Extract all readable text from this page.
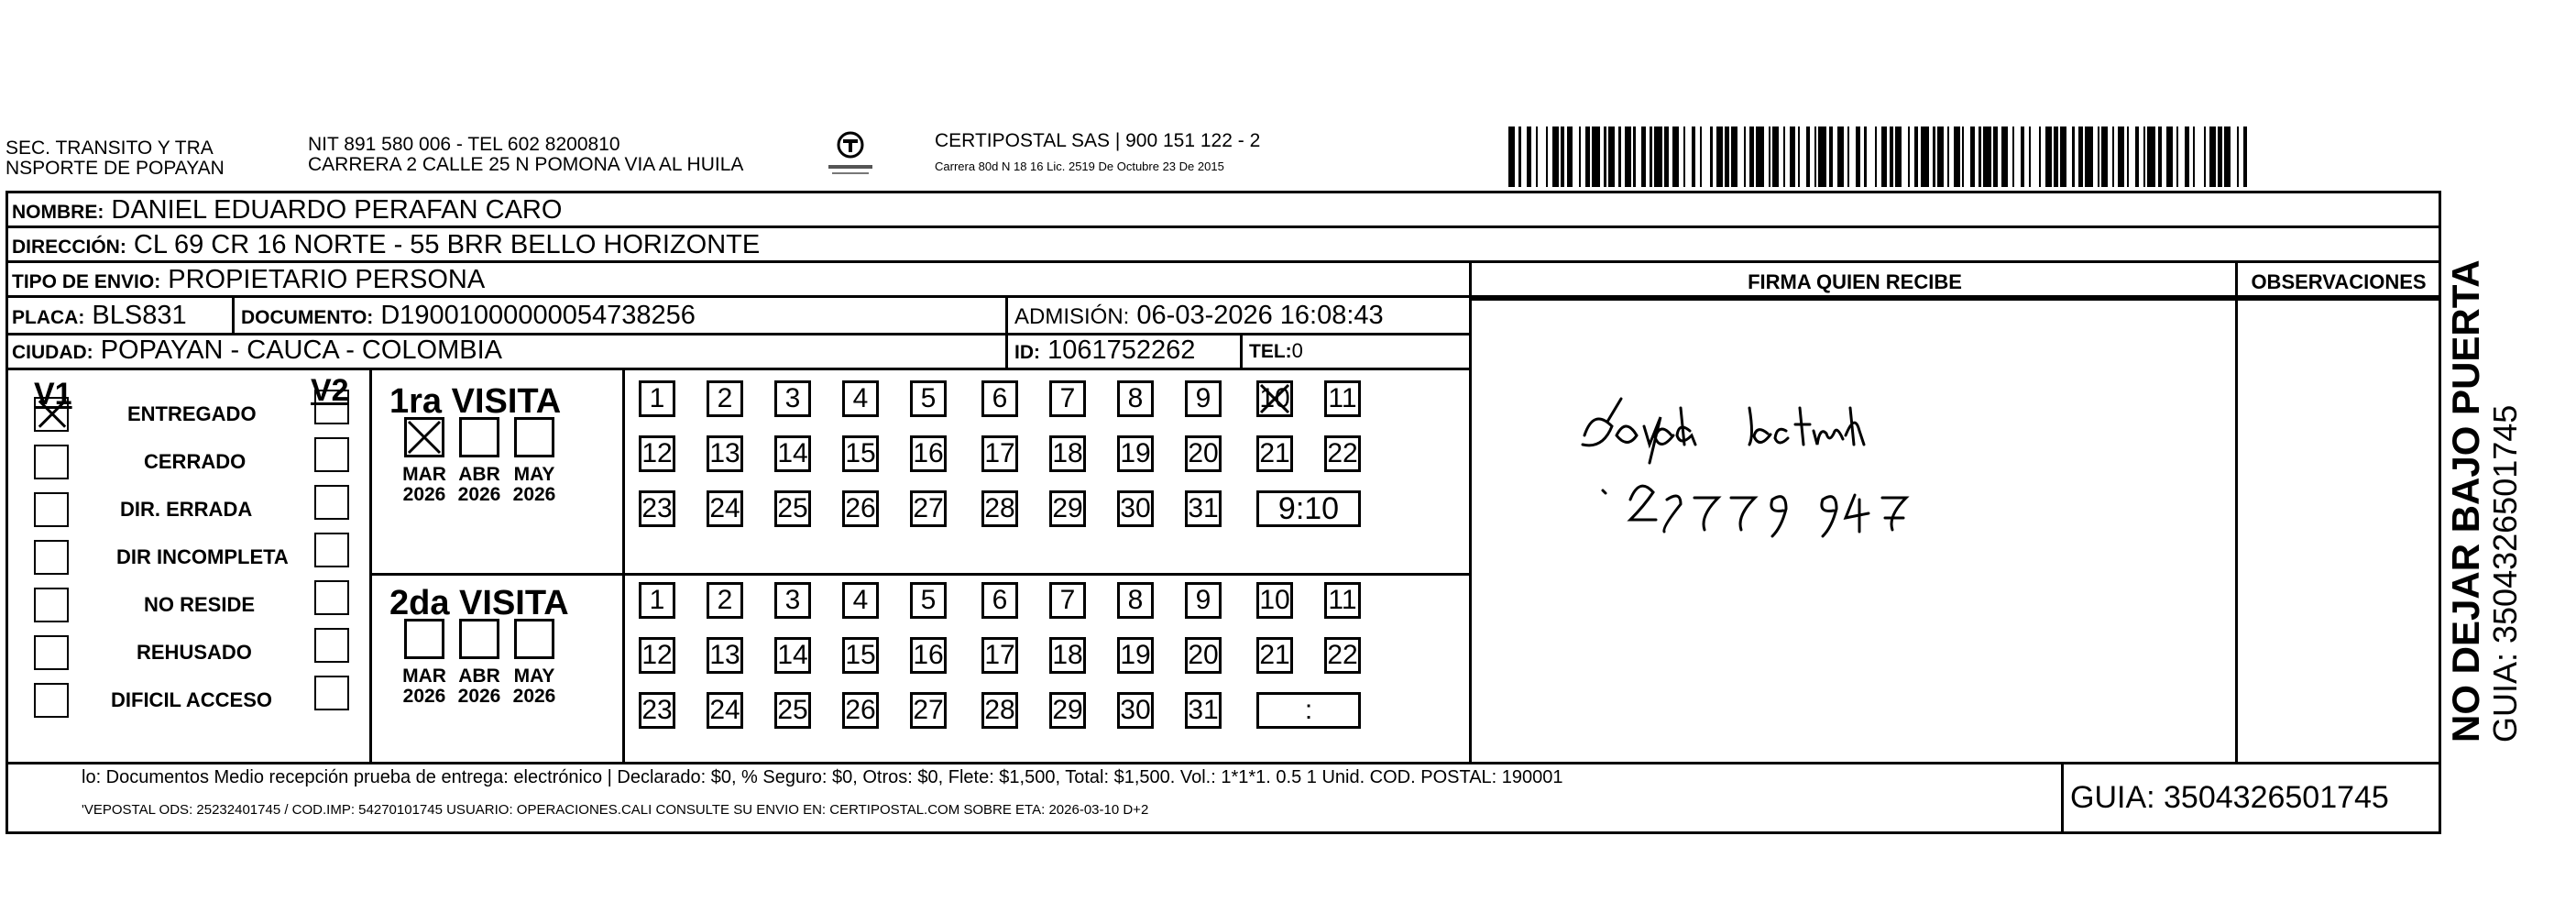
SEC. TRANSITO Y TRA
NSPORTE DE POPAYAN
NIT 891 580 006 - TEL 602 8200810
CARRERA 2 CALLE 25 N POMONA VIA AL HUILA
CERTIPOSTAL SAS | 900 151 122 - 2
Carrera 80d N 18 16 Lic. 2519 De Octubre 23 De 2015
NOMBRE: DANIEL EDUARDO PERAFAN CARO
DIRECCIÓN: CL 69 CR 16 NORTE - 55 BRR BELLO HORIZONTE
TIPO DE ENVIO: PROPIETARIO PERSONA	FIRMA QUIEN RECIBE	OBSERVACIONES
PLACA: BLS831	DOCUMENTO: D19001000000054738256	ADMISIÓN: 06-03-2026 16:08:43
CIUDAD: POPAYAN - CAUCA - COLOMBIA	ID: 1061752262	TEL:0
V1	V2
ENTREGADO
CERRADO
DIR. ERRADA
DIR INCOMPLETA
NO RESIDE
REHUSADO
DIFICIL ACCESO
1ra VISITA
2da VISITA
1	2	3	4	5	6	7	8	9	10 11
12 13 14 15 16 17 18 19 20 21 22
23 24 25 26 27 28 29 30 31	9:10
MAR
2026
ABR
2026
MAY
2026
1	2	3	4	5	6	7	8	9	10 11
12 13 14 15 16 17 18 19 20 21 22
23 24 25 26 27 28 29 30 31	:
MAR
2026
ABR
2026
MAY
2026
lo: Documentos Medio recepción prueba de entrega: electrónico | Declarado: $0, % Seguro: $0, Otros: $0, Flete: $1,500, Total: $1,500. Vol.: 1*1*1. 0.5 1 Unid. COD. POSTAL: 190001
'VEPOSTAL ODS: 25232401745 / COD.IMP: 54270101745 USUARIO: OPERACIONES.CALI CONSULTE SU ENVIO EN: CERTIPOSTAL.COM SOBRE ETA: 2026-03-10 D+2	GUIA: 3504326501745
NO DEJAR BAJO PUERTA GUIA: 3504326501745
